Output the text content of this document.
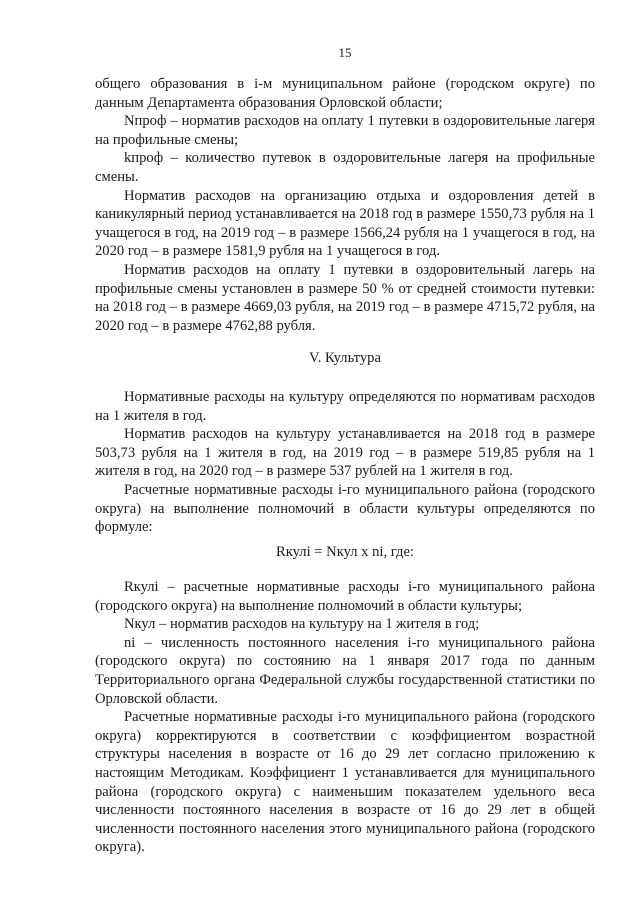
15

общего образования в i-м муниципальном районе (городском округе) по данным Департамента образования Орловской области;

Nпроф – норматив расходов на оплату 1 путевки в оздоровительные лагеря на профильные смены;

kпроф – количество путевок в оздоровительные лагеря на профильные смены.

Норматив расходов на организацию отдыха и оздоровления детей в каникулярный период устанавливается на 2018 год в размере 1550,73 рубля на 1 учащегося в год, на 2019 год – в размере 1566,24 рубля на 1 учащегося в год, на 2020 год – в размере 1581,9 рубля на 1 учащегося в год.

Норматив расходов на оплату 1 путевки в оздоровительный лагерь на профильные смены установлен в размере 50 % от средней стоимости путевки: на 2018 год – в размере 4669,03 рубля, на 2019 год – в размере 4715,72 рубля, на 2020 год – в размере 4762,88 рубля.

V. Культура

Нормативные расходы на культуру определяются по нормативам расходов на 1 жителя в год.

Норматив расходов на культуру устанавливается на 2018 год в размере 503,73 рубля на 1 жителя в год, на 2019 год – в размере 519,85 рубля на 1 жителя в год, на 2020 год – в размере 537 рублей на 1 жителя в год.

Расчетные нормативные расходы i-го муниципального района (городского округа) на выполнение полномочий в области культуры определяются по формуле:

Rкулi = Nкул x ni, где:

Rкулi – расчетные нормативные расходы i-го муниципального района (городского округа) на выполнение полномочий в области культуры;

Nкул – норматив расходов на культуру на 1 жителя в год;

ni – численность постоянного населения i-го муниципального района (городского округа) по состоянию на 1 января 2017 года по данным Территориального органа Федеральной службы государственной статистики по Орловской области.

Расчетные нормативные расходы i-го муниципального района (городского округа) корректируются в соответствии с коэффициентом возрастной структуры населения в возрасте от 16 до 29 лет согласно приложению к настоящим Методикам. Коэффициент 1 устанавливается для муниципального района (городского округа) с наименьшим показателем удельного веса численности постоянного населения в возрасте от 16 до 29 лет в общей численности постоянного населения этого муниципального района (городского округа).
